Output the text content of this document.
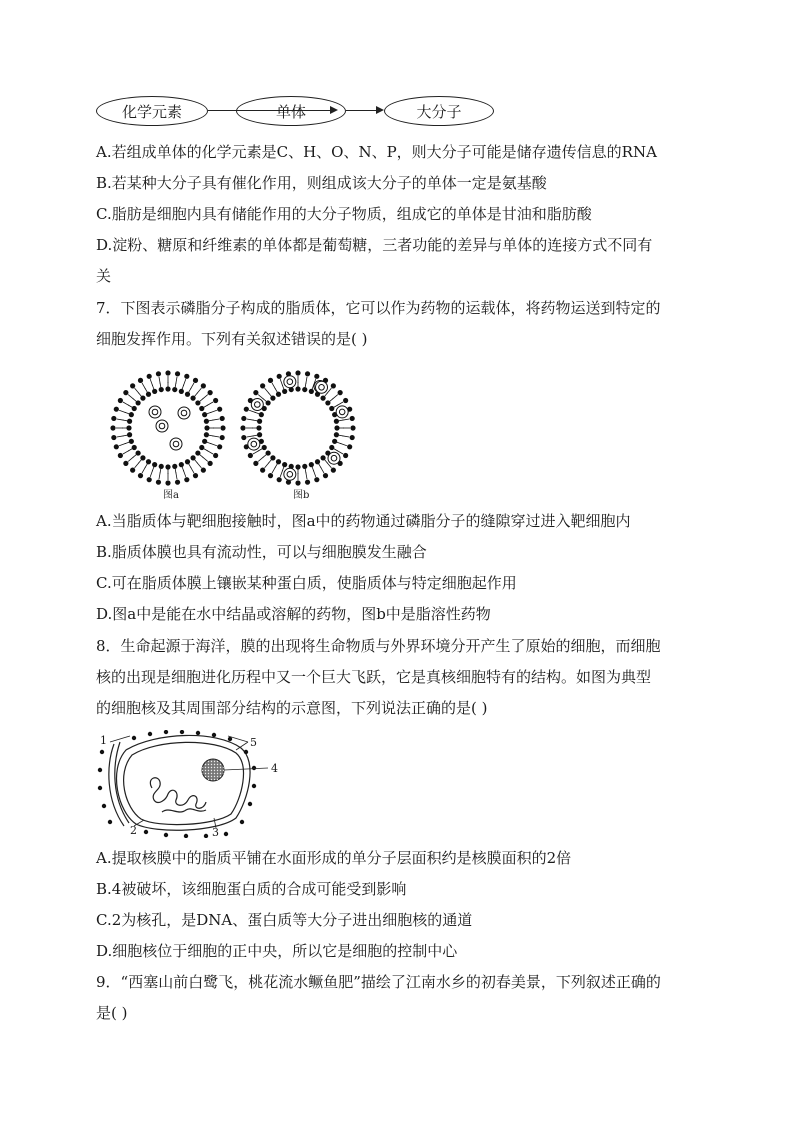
化学元素	单体	大分子
A.若组成单体的化学元素是C、H、O、N、P，则大分子可能是储存遗传信息的RNA
B.若某种大分子具有催化作用，则组成该大分子的单体一定是氨基酸
C.脂肪是细胞内具有储能作用的大分子物质，组成它的单体是甘油和脂肪酸
D.淀粉、糖原和纤维素的单体都是葡萄糖，三者功能的差异与单体的连接方式不同有
关
7．下图表示磷脂分子构成的脂质体，它可以作为药物的运载体，将药物运送到特定的
细胞发挥作用。下列有关叙述错误的是( )
图a	图b
A.当脂质体与靶细胞接触时，图a中的药物通过磷脂分子的缝隙穿过进入靶细胞内
B.脂质体膜也具有流动性，可以与细胞膜发生融合
C.可在脂质体膜上镶嵌某种蛋白质，使脂质体与特定细胞起作用
D.图a中是能在水中结晶或溶解的药物，图b中是脂溶性药物
8．生命起源于海洋，膜的出现将生命物质与外界环境分开产生了原始的细胞，而细胞
核的出现是细胞进化历程中又一个巨大飞跃，它是真核细胞特有的结构。如图为典型
的细胞核及其周围部分结构的示意图，下列说法正确的是( )
1
2	3
4
5
A.提取核膜中的脂质平铺在水面形成的单分子层面积约是核膜面积的2倍
B.4被破坏，该细胞蛋白质的合成可能受到影响
C.2为核孔，是DNA、蛋白质等大分子进出细胞核的通道
D.细胞核位于细胞的正中央，所以它是细胞的控制中心
9．“西塞山前白鹭飞，桃花流水鳜鱼肥”描绘了江南水乡的初春美景，下列叙述正确的
是( )
